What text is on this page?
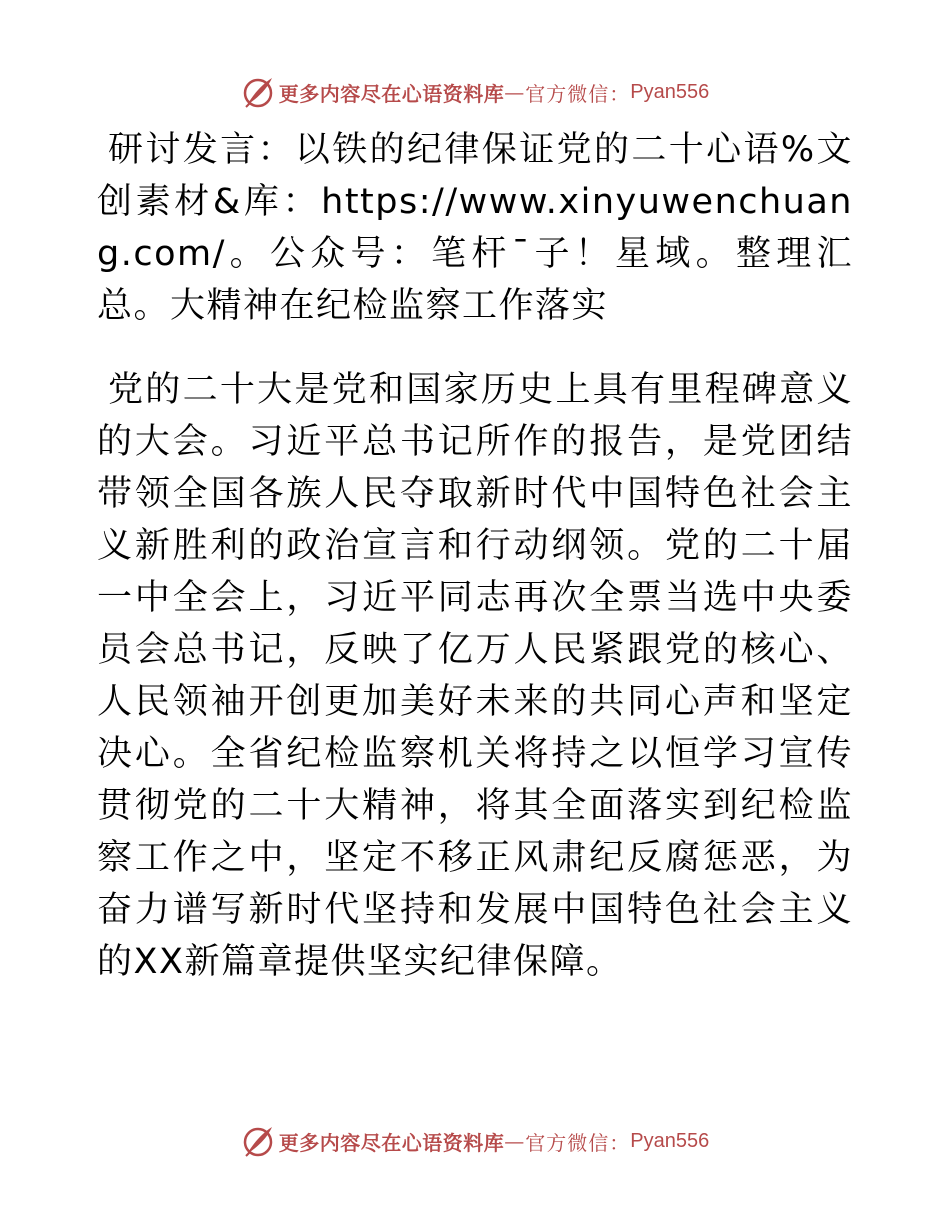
更多内容尽在心语资料库 — 官方微信： Pyan556

研讨发言：以铁的纪律保证党的二十心语%文创素材&库：https://www.xinyuwenchuang.com/。公众号：笔杆¯子！星域。整理汇总。大精神在纪检监察工作落实

党的二十大是党和国家历史上具有里程碑意义的大会。习近平总书记所作的报告，是党团结带领全国各族人民夺取新时代中国特色社会主义新胜利的政治宣言和行动纲领。党的二十届一中全会上，习近平同志再次全票当选中央委员会总书记，反映了亿万人民紧跟党的核心、人民领袖开创更加美好未来的共同心声和坚定决心。全省纪检监察机关将持之以恒学习宣传贯彻党的二十大精神，将其全面落实到纪检监察工作之中，坚定不移正风肃纪反腐惩恶，为奋力谱写新时代坚持和发展中国特色社会主义的XX新篇章提供坚实纪律保障。

更多内容尽在心语资料库 — 官方微信： Pyan556
